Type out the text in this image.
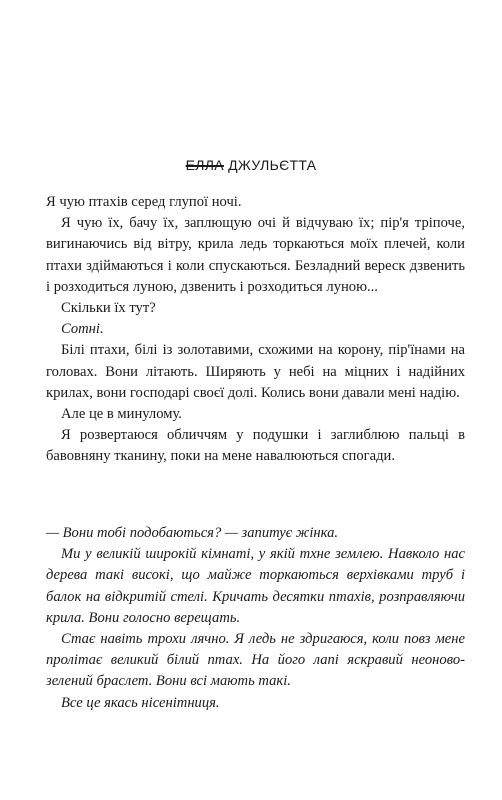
ЕЛЛА ДЖУЛЬЄТТА

Я чую птахів серед глупої ночі.

Я чую їх, бачу їх, заплющую очі й відчуваю їх; пір'я тріпоче, вигинаючись від вітру, крила ледь торкаються моїх плечей, коли птахи здіймаються і коли спускаються. Безладний вереск дзвенить і розходиться луною, дзвенить і розходиться луною...

Скільки їх тут?

Сотні.

Білі птахи, білі із золотавими, схожими на корону, пір'їнами на головах. Вони літають. Ширяють у небі на міцних і надійних крилах, вони господарі своєї долі. Колись вони давали мені надію.

Але це в минулому.

Я розвертаюся обличчям у подушки і заглиблюю пальці в бавовняну тканину, поки на мене навалюються спогади.

— Вони тобі подобаються? — запитує жінка.

Ми у великій широкій кімнаті, у якій тхне землею. Навколо нас дерева такі високі, що майже торкаються верхівками труб і балок на відкритій стелі. Кричать десятки птахів, розправляючи крила. Вони голосно верещать.

Стає навіть трохи лячно. Я ледь не здригаюся, коли повз мене пролітає великий білий птах. На його лапі яскравий неоново-зелений браслет. Вони всі мають такі.

Все це якась нісенітниця.
